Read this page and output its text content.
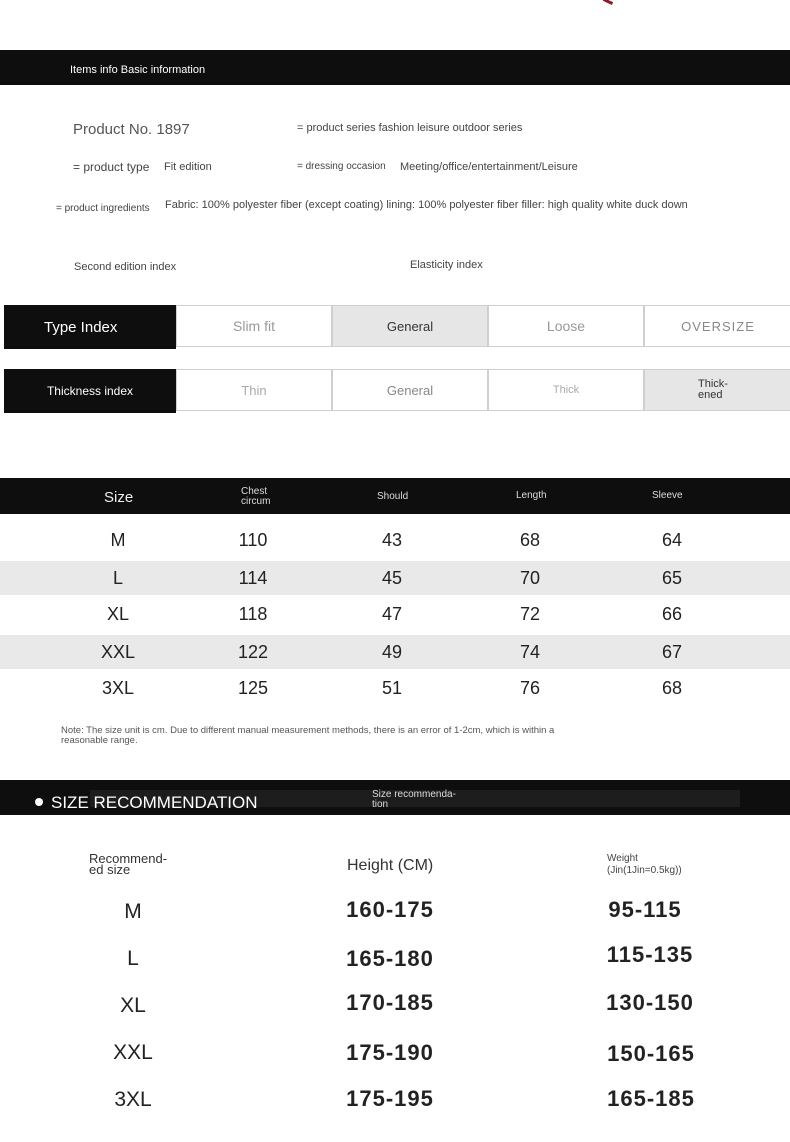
Items info Basic information
Product No. 1897	= product series fashion leisure outdoor series
= product type Fit edition	= dressing occasion Meeting/office/entertainment/Leisure
= product ingredients Fabric: 100% polyester fiber (except coating) lining: 100% polyester fiber filler: high quality white duck down
Second edition index	Elasticity index
Type Index	Slim fit	General	Loose	OVERSIZE
Thickness index	Thin	General	Thick	Thick-ened
Size	Chest circum	Should	Length	Sleeve
M	110	43	68	64
L	114	45	70	65
XL	118	47	72	66
XXL	122	49	74	67
3XL	125	51	76	68
Note: The size unit is cm. Due to different manual measurement methods, there is an error of 1-2cm, which is within a reasonable range.
SIZE RECOMMENDATION	Size recommenda-tion
Recommend-ed size	Height (CM)	Weight (Jin(1Jin=0.5kg))
M	160-175	95-115
L	165-180	115-135
XL	170-185	130-150
XXL	175-190	150-165
3XL	175-195	165-185
